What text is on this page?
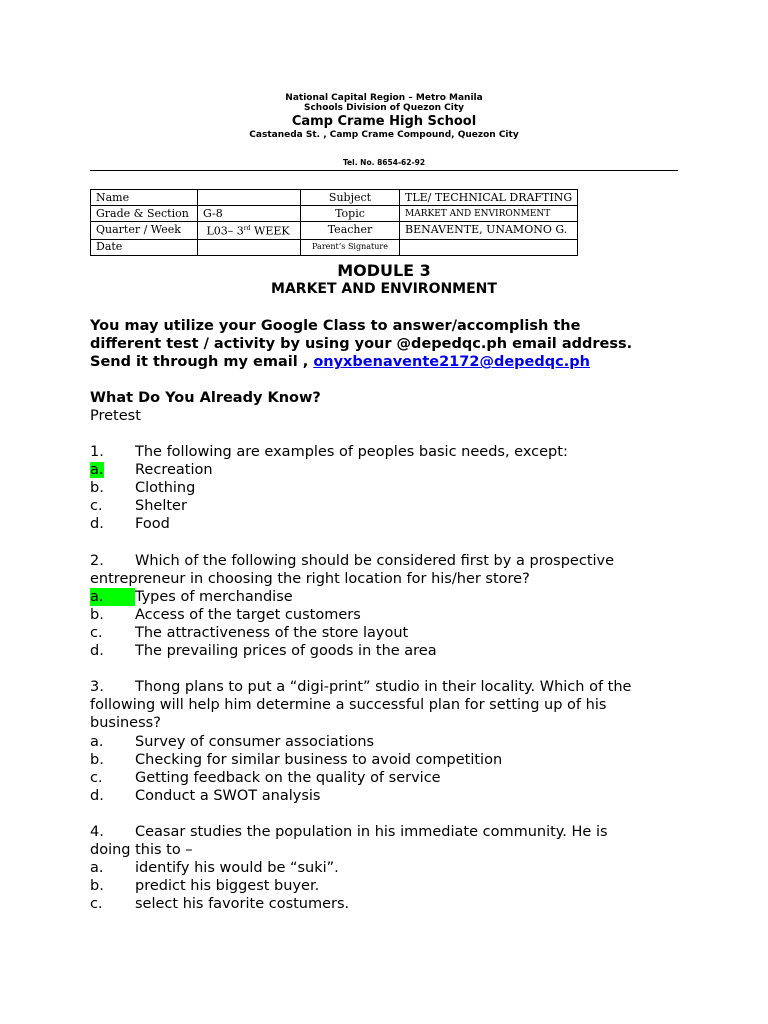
National Capital Region – Metro Manila
Schools Division of Quezon City
Camp Crame High School
Castaneda St. , Camp Crame Compound, Quezon City
Tel. No. 8654-62-92
Name		Subject	TLE/ TECHNICAL DRAFTING
Grade & Section	G-8	Topic	MARKET AND ENVIRONMENT
Quarter / Week	L03– 3rd WEEK	Teacher	BENAVENTE, UNAMONO G.
Date		Parent’s Signature	
MODULE 3
MARKET AND ENVIRONMENT
You may utilize your Google Class to answer/accomplish the
different test / activity by using your @depedqc.ph email address.
Send it through my email , onyxbenavente2172@depedqc.ph
What Do You Already Know?
Pretest
1. The following are examples of peoples basic needs, except:
a. Recreation
b. Clothing
c. Shelter
d. Food
2. Which of the following should be considered first by a prospective
entrepreneur in choosing the right location for his/her store?
a. Types of merchandise
b. Access of the target customers
c. The attractiveness of the store layout
d. The prevailing prices of goods in the area
3. Thong plans to put a “digi-print” studio in their locality. Which of the
following will help him determine a successful plan for setting up of his
business?
a. Survey of consumer associations
b. Checking for similar business to avoid competition
c. Getting feedback on the quality of service
d. Conduct a SWOT analysis
4. Ceasar studies the population in his immediate community. He is
doing this to –
a. identify his would be “suki”.
b. predict his biggest buyer.
c. select his favorite costumers.
